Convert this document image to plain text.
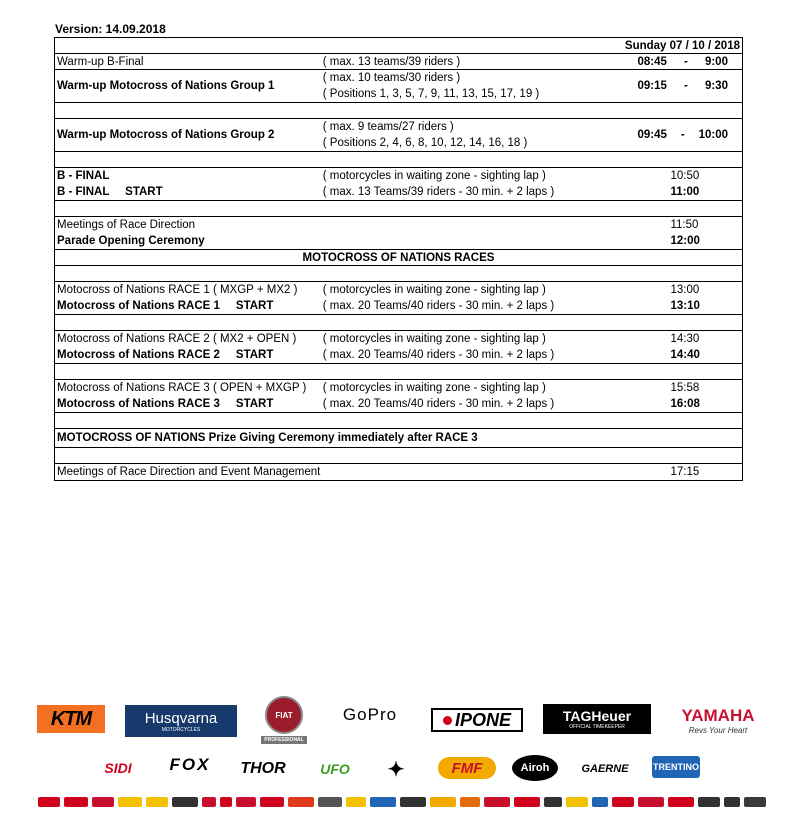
Version: 14.09.2018
		Sunday 07 / 10 / 2018
Warm-up B-Final	( max. 13 teams/39 riders )	08:45 - 9:00

Warm-up Motocross of Nations Group 1	( max. 10 teams/30 riders )
( Positions 1, 3, 5, 7, 9, 11, 13, 15, 17, 19 )	09:15 - 9:30

Warm-up Motocross of Nations Group 2	( max. 9 teams/27 riders )
( Positions 2, 4, 6, 8, 10, 12, 14, 16, 18 )	09:45 - 10:00

B - FINAL	( motorcycles in waiting zone - sighting lap )	10:50

B - FINAL     START	( max. 13 Teams/39 riders - 30 min. + 2 laps )	11:00

Meetings of Race Direction		11:50

Parade Opening Ceremony		12:00

MOTOCROSS OF NATIONS RACES		

Motocross of Nations RACE 1 ( MXGP + MX2 )	( motorcycles in waiting zone - sighting lap )	13:00

Motocross of Nations RACE 1     START	( max. 20 Teams/40 riders - 30 min. + 2 laps )	13:10

Motocross of Nations RACE 2 ( MX2 + OPEN )	( motorcycles in waiting zone - sighting lap )	14:30

Motocross of Nations RACE 2     START	( max. 20 Teams/40 riders - 30 min. + 2 laps )	14:40

Motocross of Nations RACE 3 ( OPEN + MXGP )	( motorcycles in waiting zone - sighting lap )	15:58

Motocross of Nations RACE 3     START	( max. 20 Teams/40 riders - 30 min. + 2 laps )	16:08

MOTOCROSS OF NATIONS Prize Giving Ceremony immediately after RACE 3		

Meetings of Race Direction and Event Management		17:15
KTM	Husqvarna
MOTORCYCLES
FIAT
PROFESSIONAL
GoPro	IPONE	TAGHeuer
OFFICIAL TIMEKEEPER
YAMAHA
Revs Your Heart
SIDI FOX THOR UFO ✦	FMF	Airoh	GAERNE	TRENTINO
